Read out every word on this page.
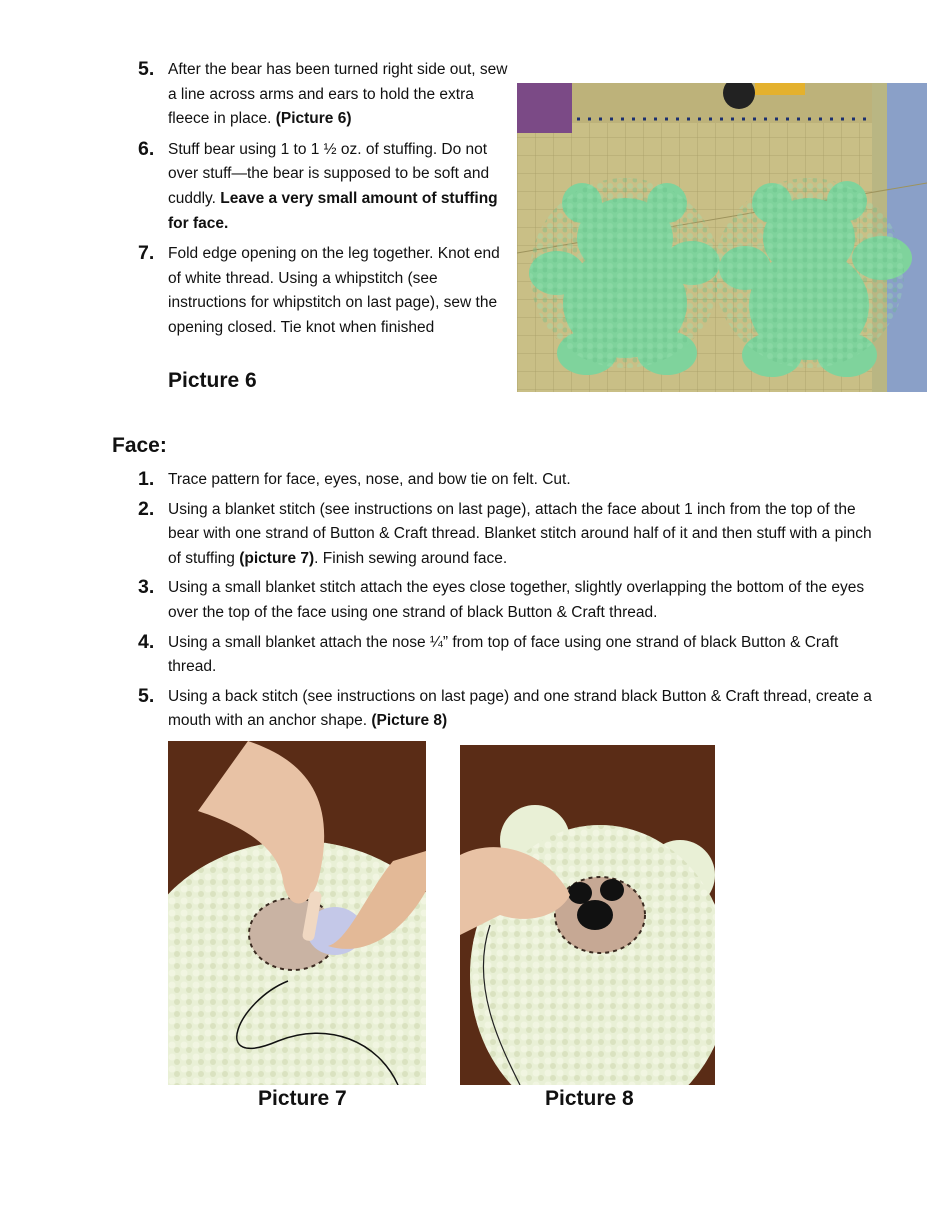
5. After the bear has been turned right side out, sew a line across arms and ears to hold the extra fleece in place. (Picture 6)
6. Stuff bear using 1 to 1 ½ oz. of stuffing. Do not over stuff—the bear is supposed to be soft and cuddly. Leave a very small amount of stuffing for face.
7. Fold edge opening on the leg together. Knot end of white thread. Using a whipstitch (see instructions for whipstitch on last page), sew the opening closed. Tie knot when finished
Picture 6
Face:
1. Trace pattern for face, eyes, nose, and bow tie on felt. Cut.
2. Using a blanket stitch (see instructions on last page), attach the face about 1 inch from the top of the bear with one strand of Button & Craft thread. Blanket stitch around half of it and then stuff with a pinch of stuffing (picture 7). Finish sewing around face.
3. Using a small blanket stitch attach the eyes close together, slightly overlapping the bottom of the eyes over the top of the face using one strand of black Button & Craft thread.
4. Using a small blanket attach the nose ¼” from top of face using one strand of black Button & Craft thread.
5. Using a back stitch (see instructions on last page) and one strand black Button & Craft thread, create a mouth with an anchor shape. (Picture 8)
Picture 7	Picture 8
